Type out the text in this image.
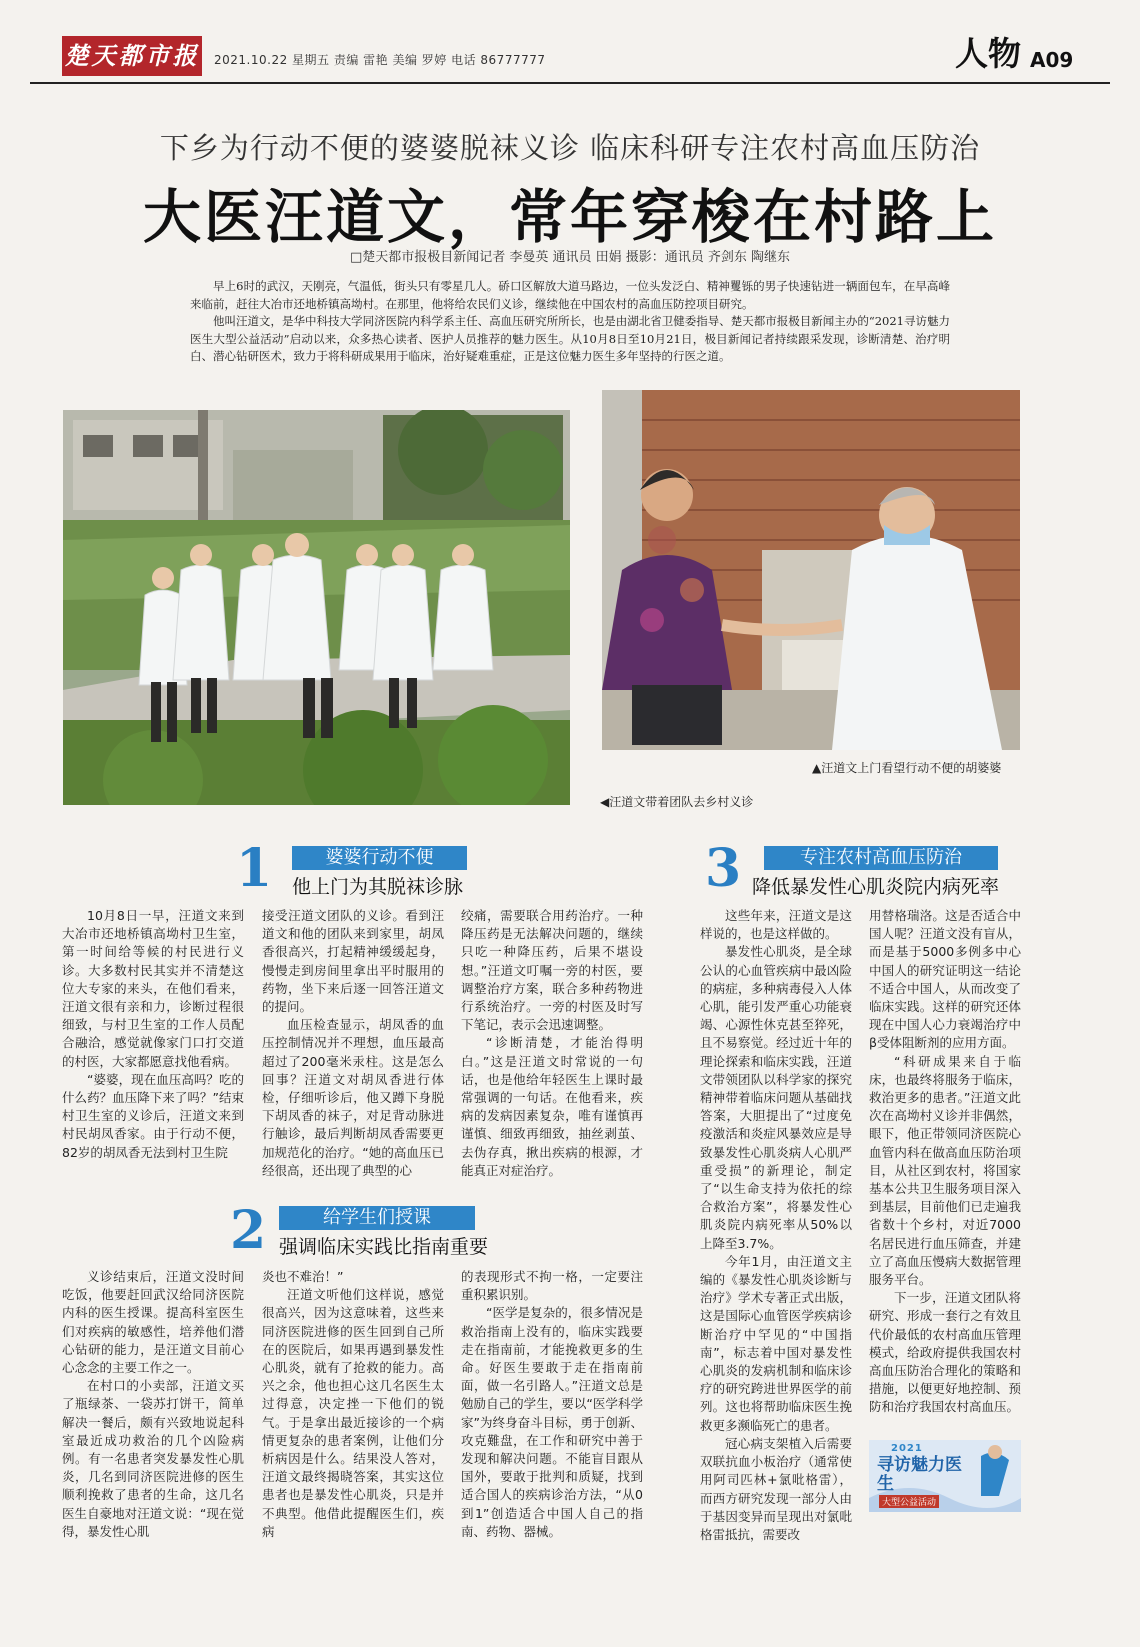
楚天都市报 2021.10.22 星期五 责编 雷艳 美编 罗婷 电话 86777777	人物 A09
下乡为行动不便的婆婆脱袜义诊 临床科研专注农村高血压防治
大医汪道文，常年穿梭在村路上
□楚天都市报极目新闻记者 李曼英 通讯员 田娟 摄影：通讯员 齐剑东 陶继东
早上6时的武汉，天刚亮，气温低，街头只有零星几人。硚口区解放大道马路边，一位头发泛白、精神矍铄的男子快速钻进一辆面包车，在早高峰来临前，赶往大冶市还地桥镇高坳村。在那里，他将给农民们义诊，继续他在中国农村的高血压防控项目研究。
他叫汪道文，是华中科技大学同济医院内科学系主任、高血压研究所所长，也是由湖北省卫健委指导、楚天都市报极目新闻主办的“2021寻访魅力医生大型公益活动”启动以来，众多热心读者、医护人员推荐的魅力医生。从10月8日至10月21日，极目新闻记者持续跟采发现，诊断清楚、治疗明白、潜心钻研医术，致力于将科研成果用于临床，治好疑难重症，正是这位魅力医生多年坚持的行医之道。
◀汪道文带着团队去乡村义诊
▲汪道文上门看望行动不便的胡婆婆
1	婆婆行动不便
他上门为其脱袜诊脉

10月8日一早，汪道文来到大冶市还地桥镇高坳村卫生室，第一时间给等候的村民进行义诊。大多数村民其实并不清楚这位大专家的来头，在他们看来，汪道文很有亲和力，诊断过程很细致，与村卫生室的工作人员配合融洽，感觉就像家门口打交道的村医，大家都愿意找他看病。

“婆婆，现在血压高吗？吃的什么药？血压降下来了吗？”结束村卫生室的义诊后，汪道文来到村民胡凤香家。由于行动不便，82岁的胡凤香无法到村卫生院

接受汪道文团队的义诊。看到汪道文和他的团队来到家里，胡凤香很高兴，打起精神缓缓起身，慢慢走到房间里拿出平时服用的药物，坐下来后逐一回答汪道文的提问。

血压检查显示，胡凤香的血压控制情况并不理想，血压最高超过了200毫米汞柱。这是怎么回事？汪道文对胡凤香进行体检，仔细听诊后，他又蹲下身脱下胡凤香的袜子，对足背动脉进行触诊，最后判断胡凤香需要更加规范化的治疗。“她的高血压已经很高，还出现了典型的心

绞痛，需要联合用药治疗。一种降压药是无法解决问题的，继续只吃一种降压药，后果不堪设想。”汪道文叮嘱一旁的村医，要调整治疗方案，联合多种药物进行系统治疗。一旁的村医及时写下笔记，表示会迅速调整。

“诊断清楚，才能治得明白。”这是汪道文时常说的一句话，也是他给年轻医生上课时最常强调的一句话。在他看来，疾病的发病因素复杂，唯有谨慎再谨慎、细致再细致，抽丝剥茧、去伪存真，揪出疾病的根源，才能真正对症治疗。

2	给学生们授课
强调临床实践比指南重要

义诊结束后，汪道文没时间吃饭，他要赶回武汉给同济医院内科的医生授课。提高科室医生们对疾病的敏感性，培养他们潜心钻研的能力，是汪道文目前心心念念的主要工作之一。

在村口的小卖部，汪道文买了瓶绿茶、一袋苏打饼干，简单解决一餐后，颇有兴致地说起科室最近成功救治的几个凶险病例。有一名患者突发暴发性心肌炎，几名到同济医院进修的医生顺利挽救了患者的生命，这几名医生自豪地对汪道文说：“现在觉得，暴发性心肌

炎也不难治！”

汪道文听他们这样说，感觉很高兴，因为这意味着，这些来同济医院进修的医生回到自己所在的医院后，如果再遇到暴发性心肌炎，就有了抢救的能力。高兴之余，他也担心这几名医生太过得意，决定挫一下他们的锐气。于是拿出最近接诊的一个病情更复杂的患者案例，让他们分析病因是什么。结果没人答对，汪道文最终揭晓答案，其实这位患者也是暴发性心肌炎，只是并不典型。他借此提醒医生们，疾病

的表现形式不拘一格，一定要注重积累识别。

“医学是复杂的，很多情况是救治指南上没有的，临床实践要走在指南前，才能挽救更多的生命。好医生要敢于走在指南前面，做一名引路人。”汪道文总是勉励自己的学生，要以“医学科学家”为终身奋斗目标，勇于创新、攻克難盘，在工作和研究中善于发现和解决问题。不能盲目跟从国外，要敢于批判和质疑，找到适合国人的疾病诊治方法，“从0到1”创造适合中国人自己的指南、药物、器械。

3	专注农村高血压防治
降低暴发性心肌炎院内病死率

这些年来，汪道文是这样说的，也是这样做的。

暴发性心肌炎，是全球公认的心血管疾病中最凶险的病症，多种病毒侵入人体心肌，能引发严重心功能衰竭、心源性休克甚至猝死，且不易察觉。经过近十年的理论探索和临床实践，汪道文带领团队以科学家的探究精神带着临床问题从基础找答案，大胆提出了“过度免疫激活和炎症风暴效应是导致暴发性心肌炎病人心肌严重受损”的新理论，制定了“以生命支持为依托的综合救治方案”，将暴发性心肌炎院内病死率从50%以上降至3.7%。

今年1月，由汪道文主编的《暴发性心肌炎诊断与治疗》学术专著正式出版，这是国际心血管医学疾病诊断治疗中罕见的“中国指南”，标志着中国对暴发性心肌炎的发病机制和临床诊疗的研究跨进世界医学的前列。这也将帮助临床医生挽救更多濒临死亡的患者。

冠心病支架植入后需要双联抗血小板治疗（通常使用阿司匹林+氯吡格雷），而西方研究发现一部分人由于基因变异而呈现出对氯吡格雷抵抗，需要改

用替格瑞洛。这是否适合中国人呢？汪道文没有盲从，而是基于5000多例多中心中国人的研究证明这一结论不适合中国人，从而改变了临床实践。这样的研究还体现在中国人心力衰竭治疗中β受体阻断剂的应用方面。

“科研成果来自于临床，也最终将服务于临床，救治更多的患者。”汪道文此次在高坳村义诊并非偶然，眼下，他正带领同济医院心血管内科在做高血压防治项目，从社区到农村，将国家基本公共卫生服务项目深入到基层，目前他们已走遍我省数十个乡村，对近7000名居民进行血压筛查，并建立了高血压慢病大数据管理服务平台。

下一步，汪道文团队将研究、形成一套行之有效且代价最低的农村高血压管理模式，给政府提供我国农村高血压防治合理化的策略和措施，以便更好地控制、预防和治疗我国农村高血压。

2021
寻访魅力医生
大型公益活动
